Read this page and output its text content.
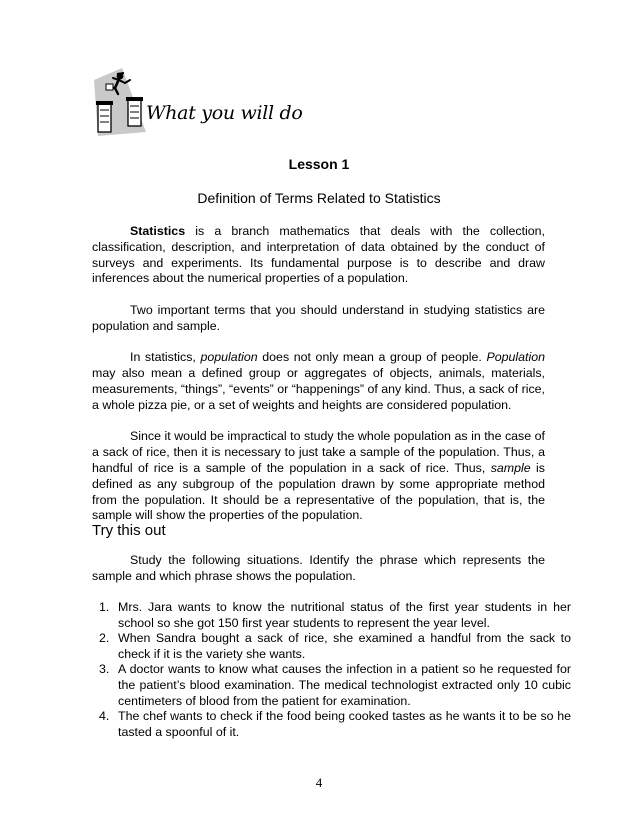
What you will do
Lesson 1
Definition of Terms Related to Statistics

Statistics is a branch mathematics that deals with the collection, classification, description, and interpretation of data obtained by the conduct of surveys and experiments. Its fundamental purpose is to describe and draw inferences about the numerical properties of a population.

Two important terms that you should understand in studying statistics are population and sample.

In statistics, population does not only mean a group of people. Population may also mean a defined group or aggregates of objects, animals, materials, measurements, “things”, “events” or “happenings” of any kind. Thus, a sack of rice, a whole pizza pie, or a set of weights and heights are considered population.

Since it would be impractical to study the whole population as in the case of a sack of rice, then it is necessary to just take a sample of the population. Thus, a handful of rice is a sample of the population in a sack of rice. Thus, sample is defined as any subgroup of the population drawn by some appropriate method from the population. It should be a representative of the population, that is, the sample will show the properties of the population.

Try this out

Study the following situations. Identify the phrase which represents the sample and which phrase shows the population.

1. Mrs. Jara wants to know the nutritional status of the first year students in her school so she got 150 first year students to represent the year level.
2. When Sandra bought a sack of rice, she examined a handful from the sack to check if it is the variety she wants.
3. A doctor wants to know what causes the infection in a patient so he requested for the patient’s blood examination. The medical technologist extracted only 10 cubic centimeters of blood from the patient for examination.
4. The chef wants to check if the food being cooked tastes as he wants it to be so he tasted a spoonful of it.
4
